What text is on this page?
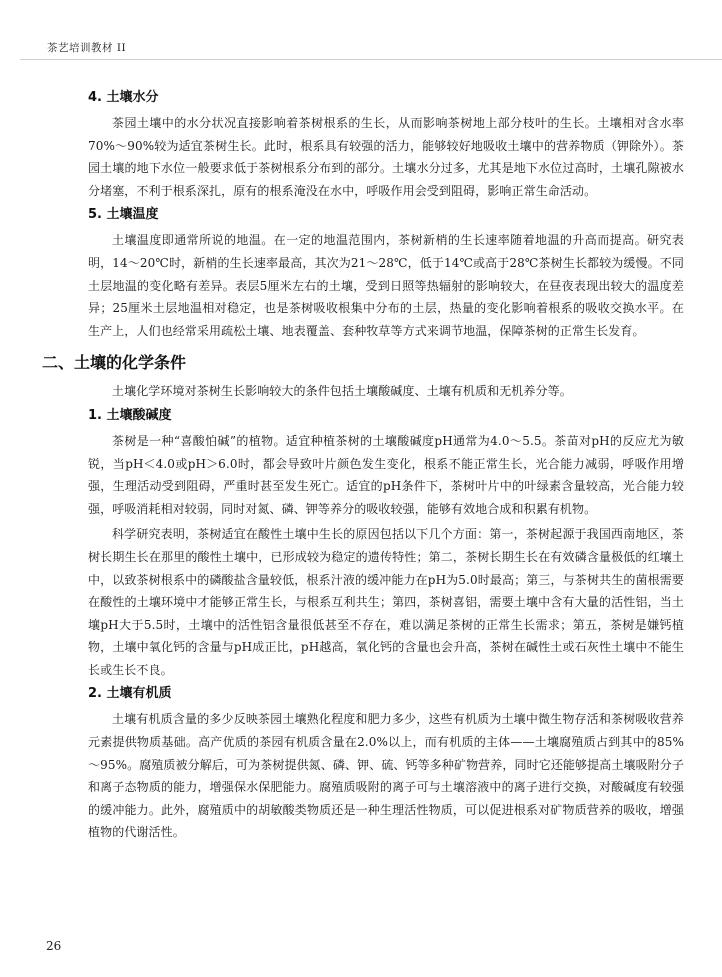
茶艺培训教材 II
4. 土壤水分

茶园土壤中的水分状况直接影响着茶树根系的生长，从而影响茶树地上部分枝叶的生长。土壤相对含水率70%～90%较为适宜茶树生长。此时，根系具有较强的活力，能够较好地吸收土壤中的营养物质（钾除外）。茶园土壤的地下水位一般要求低于茶树根系分布到的部分。土壤水分过多，尤其是地下水位过高时，土壤孔隙被水分堵塞，不利于根系深扎，原有的根系淹没在水中，呼吸作用会受到阻碍，影响正常生命活动。

5. 土壤温度

土壤温度即通常所说的地温。在一定的地温范围内，茶树新梢的生长速率随着地温的升高而提高。研究表明，14～20℃时，新梢的生长速率最高，其次为21～28℃，低于14℃或高于28℃茶树生长都较为缓慢。不同土层地温的变化略有差异。表层5厘米左右的土壤，受到日照等热辐射的影响较大，在昼夜表现出较大的温度差异；25厘米土层地温相对稳定，也是茶树吸收根集中分布的土层，热量的变化影响着根系的吸收交换水平。在生产上，人们也经常采用疏松土壤、地表覆盖、套种牧草等方式来调节地温，保障茶树的正常生长发育。

二、土壤的化学条件

土壤化学环境对茶树生长影响较大的条件包括土壤酸碱度、土壤有机质和无机养分等。

1. 土壤酸碱度

茶树是一种“喜酸怕碱”的植物。适宜种植茶树的土壤酸碱度pH通常为4.0～5.5。茶苗对pH的反应尤为敏锐，当pH＜4.0或pH＞6.0时，都会导致叶片颜色发生变化，根系不能正常生长，光合能力减弱，呼吸作用增强，生理活动受到阻碍，严重时甚至发生死亡。适宜的pH条件下，茶树叶片中的叶绿素含量较高，光合能力较强，呼吸消耗相对较弱，同时对氮、磷、钾等养分的吸收较强，能够有效地合成和积累有机物。

科学研究表明，茶树适宜在酸性土壤中生长的原因包括以下几个方面：第一，茶树起源于我国西南地区，茶树长期生长在那里的酸性土壤中，已形成较为稳定的遗传特性；第二，茶树长期生长在有效磷含量极低的红壤土中，以致茶树根系中的磷酸盐含量较低，根系汁液的缓冲能力在pH为5.0时最高；第三，与茶树共生的菌根需要在酸性的土壤环境中才能够正常生长，与根系互利共生；第四，茶树喜铝，需要土壤中含有大量的活性铝，当土壤pH大于5.5时，土壤中的活性铝含量很低甚至不存在，难以满足茶树的正常生长需求；第五，茶树是嫌钙植物，土壤中氧化钙的含量与pH成正比，pH越高，氧化钙的含量也会升高，茶树在碱性土或石灰性土壤中不能生长或生长不良。

2. 土壤有机质

土壤有机质含量的多少反映茶园土壤熟化程度和肥力多少，这些有机质为土壤中微生物存活和茶树吸收营养元素提供物质基础。高产优质的茶园有机质含量在2.0%以上，而有机质的主体——土壤腐殖质占到其中的85%～95%。腐殖质被分解后，可为茶树提供氮、磷、钾、硫、钙等多种矿物营养，同时它还能够提高土壤吸附分子和离子态物质的能力，增强保水保肥能力。腐殖质吸附的离子可与土壤溶液中的离子进行交换，对酸碱度有较强的缓冲能力。此外，腐殖质中的胡敏酸类物质还是一种生理活性物质，可以促进根系对矿物质营养的吸收，增强植物的代谢活性。

26
